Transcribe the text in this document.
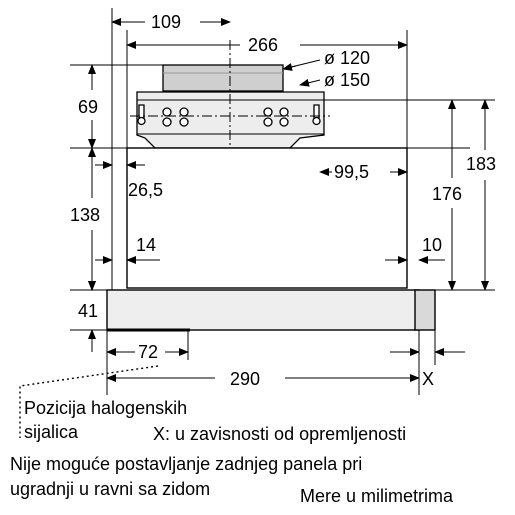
109
266
ø 120
ø 150
69
183
176
99,5
26,5
138
14	10
41
72
290	X
Pozicija halogenskih
sijalica	X: u zavisnosti od opremljenosti
Nije moguće postavljanje zadnjeg panela pri
ugradnji u ravni sa zidom	Mere u milimetrima
